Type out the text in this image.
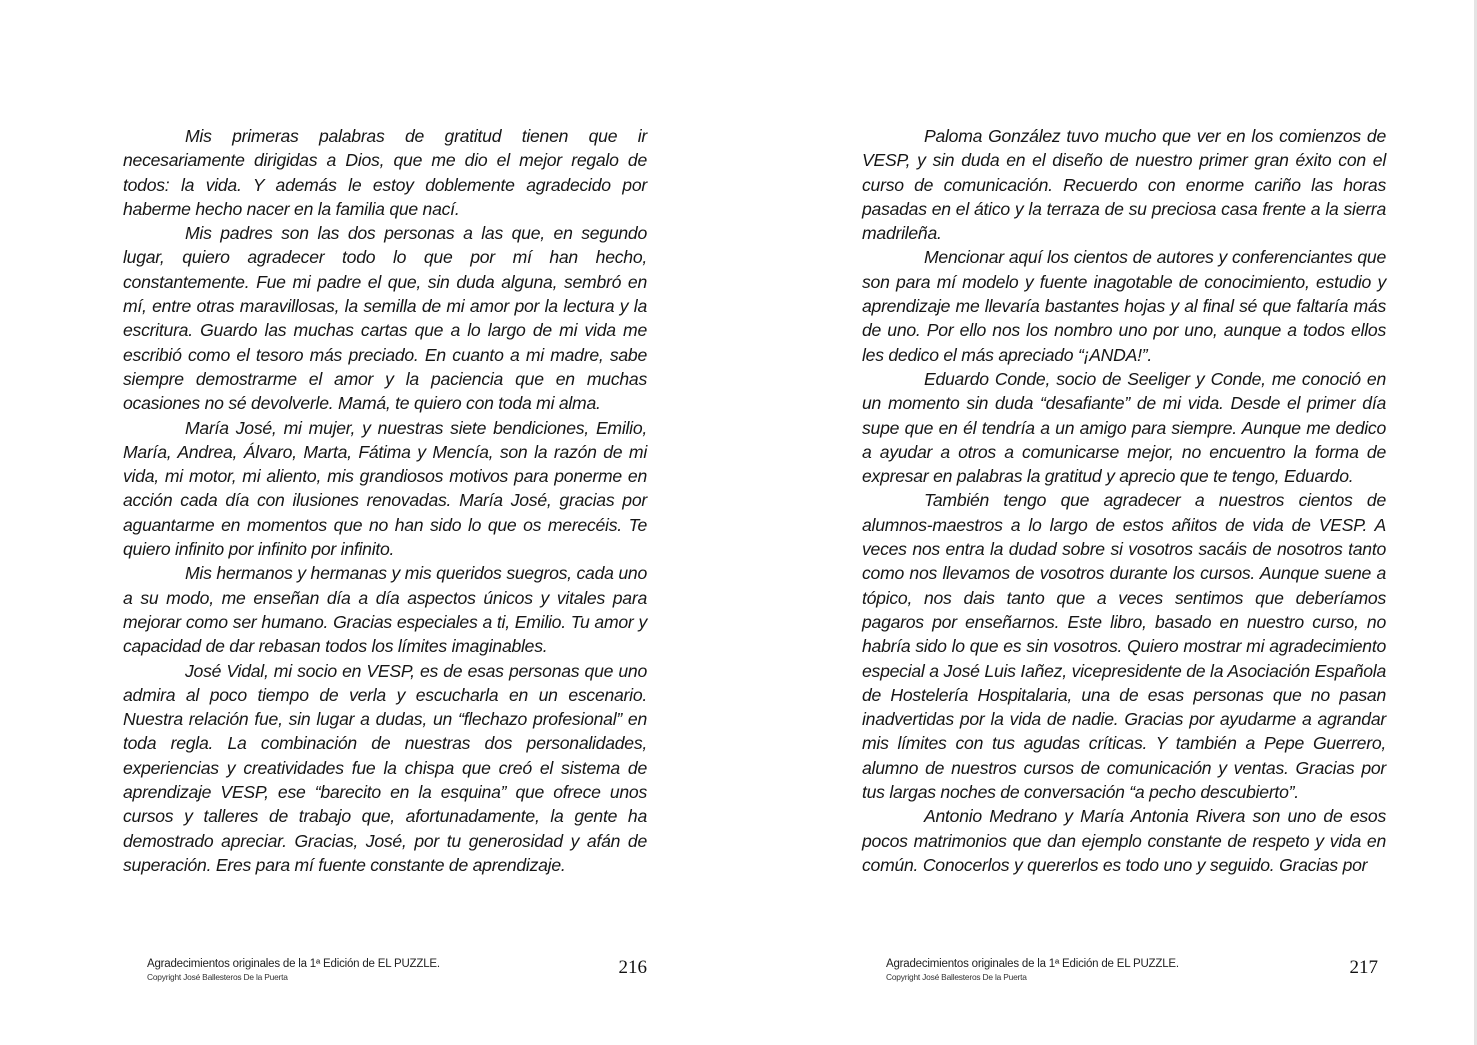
Mis primeras palabras de gratitud tienen que ir necesariamente dirigidas a Dios, que me dio el mejor regalo de todos: la vida. Y además le estoy doblemente agradecido por haberme hecho nacer en la familia que nací.

Mis padres son las dos personas a las que, en segundo lugar, quiero agradecer todo lo que por mí han hecho, constantemente. Fue mi padre el que, sin duda alguna, sembró en mí, entre otras maravillosas, la semilla de mi amor por la lectura y la escritura. Guardo las muchas cartas que a lo largo de mi vida me escribió como el tesoro más preciado. En cuanto a mi madre, sabe siempre demostrarme el amor y la paciencia que en muchas ocasiones no sé devolverle. Mamá, te quiero con toda mi alma.

María José, mi mujer, y nuestras siete bendiciones, Emilio, María, Andrea, Álvaro, Marta, Fátima y Mencía, son la razón de mi vida, mi motor, mi aliento, mis grandiosos motivos para ponerme en acción cada día con ilusiones renovadas. María José, gracias por aguantarme en momentos que no han sido lo que os merecéis. Te quiero infinito por infinito por infinito.

Mis hermanos y hermanas y mis queridos suegros, cada uno a su modo, me enseñan día a día aspectos únicos y vitales para mejorar como ser humano. Gracias especiales a ti, Emilio. Tu amor y capacidad de dar rebasan todos los límites imaginables.

José Vidal, mi socio en VESP, es de esas personas que uno admira al poco tiempo de verla y escucharla en un escenario. Nuestra relación fue, sin lugar a dudas, un “flechazo profesional” en toda regla. La combinación de nuestras dos personalidades, experiencias y creatividades fue la chispa que creó el sistema de aprendizaje VESP, ese “barecito en la esquina” que ofrece unos cursos y talleres de trabajo que, afortunadamente, la gente ha demostrado apreciar. Gracias, José, por tu generosidad y afán de superación. Eres para mí fuente constante de aprendizaje.

Agradecimientos originales de la 1ª Edición de EL PUZZLE.
Copyright José Ballesteros De la Puerta	216

Paloma González tuvo mucho que ver en los comienzos de VESP, y sin duda en el diseño de nuestro primer gran éxito con el curso de comunicación. Recuerdo con enorme cariño las horas pasadas en el ático y la terraza de su preciosa casa frente a la sierra madrileña.

Mencionar aquí los cientos de autores y conferenciantes que son para mí modelo y fuente inagotable de conocimiento, estudio y aprendizaje me llevaría bastantes hojas y al final sé que faltaría más de uno. Por ello nos los nombro uno por uno, aunque a todos ellos les dedico el más apreciado “¡ANDA!”.

Eduardo Conde, socio de Seeliger y Conde, me conoció en un momento sin duda “desafiante” de mi vida. Desde el primer día supe que en él tendría a un amigo para siempre. Aunque me dedico a ayudar a otros a comunicarse mejor, no encuentro la forma de expresar en palabras la gratitud y aprecio que te tengo, Eduardo.

También tengo que agradecer a nuestros cientos de alumnos-maestros a lo largo de estos añitos de vida de VESP. A veces nos entra la dudad sobre si vosotros sacáis de nosotros tanto como nos llevamos de vosotros durante los cursos. Aunque suene a tópico, nos dais tanto que a veces sentimos que deberíamos pagaros por enseñarnos. Este libro, basado en nuestro curso, no habría sido lo que es sin vosotros. Quiero mostrar mi agradecimiento especial a José Luis Iañez, vicepresidente de la Asociación Española de Hostelería Hospitalaria, una de esas personas que no pasan inadvertidas por la vida de nadie. Gracias por ayudarme a agrandar mis límites con tus agudas críticas. Y también a Pepe Guerrero, alumno de nuestros cursos de comunicación y ventas. Gracias por tus largas noches de conversación “a pecho descubierto”.

Antonio Medrano y María Antonia Rivera son uno de esos pocos matrimonios que dan ejemplo constante de respeto y vida en común. Conocerlos y quererlos es todo uno y seguido. Gracias por

Agradecimientos originales de la 1ª Edición de EL PUZZLE.
Copyright José Ballesteros De la Puerta	217
